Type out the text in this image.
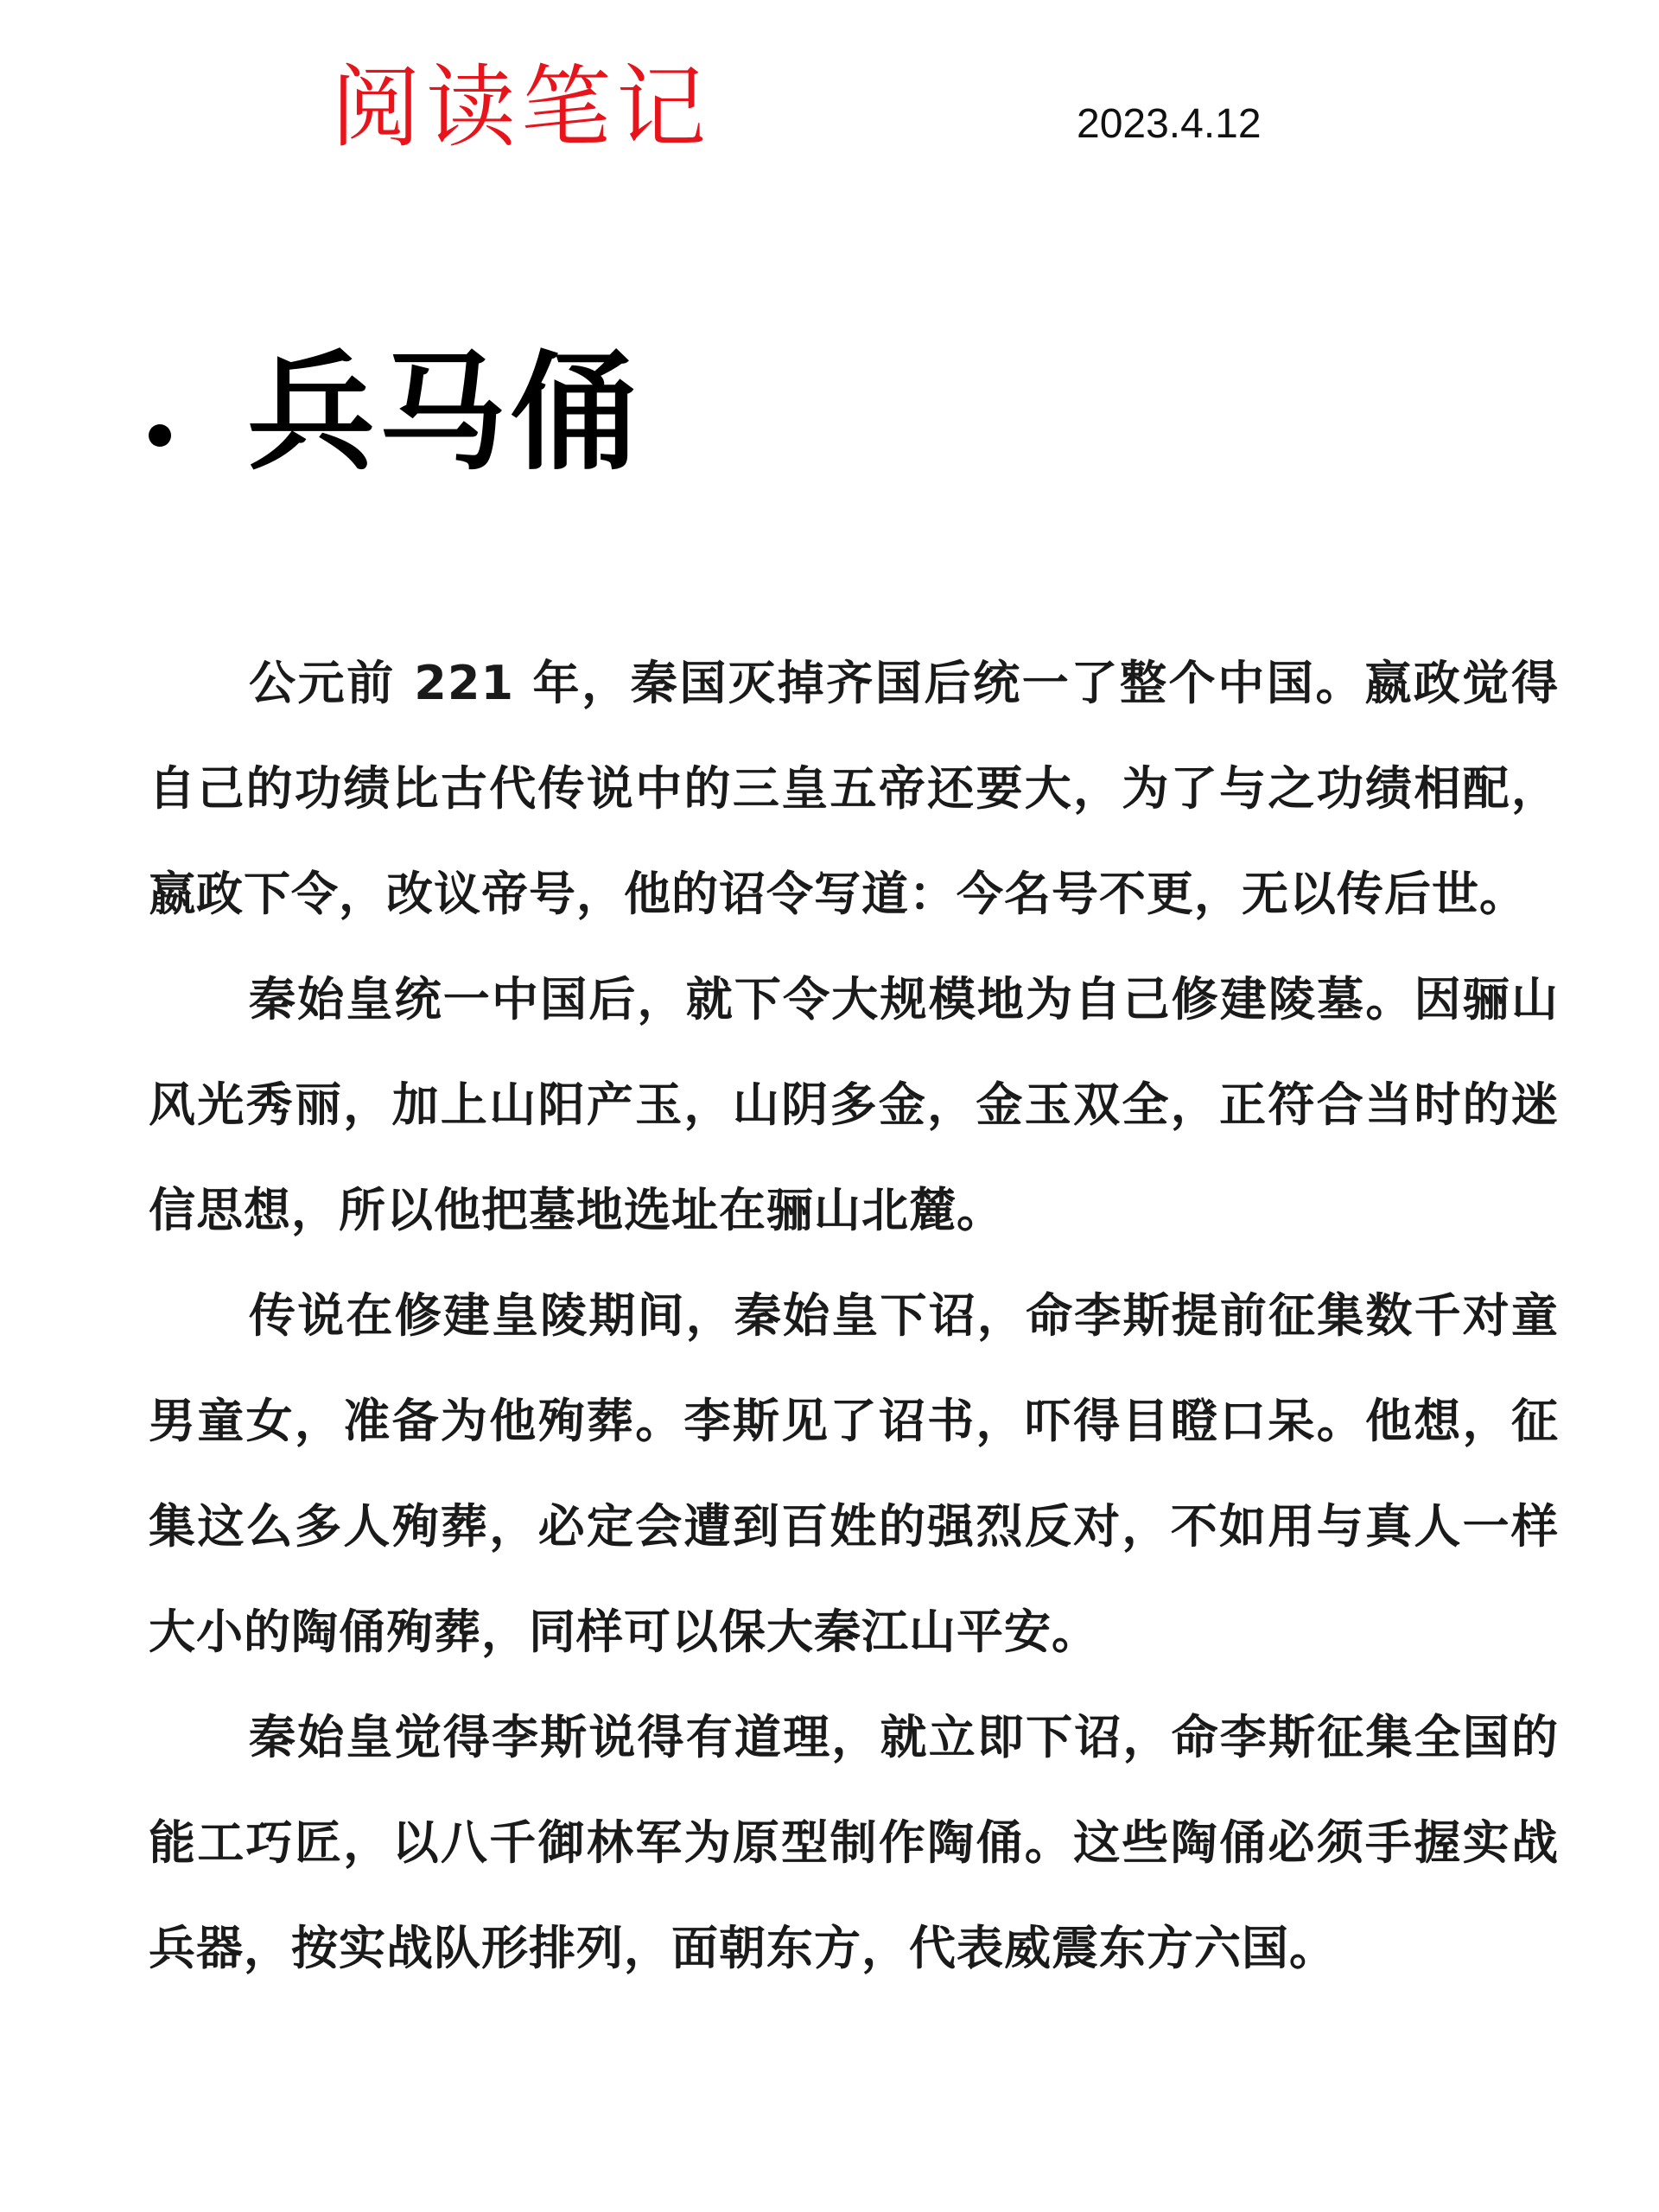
阅读笔记	2023.4.12
兵马俑

公元前 221 年，秦国灭掉齐国后统一了整个中国。嬴政觉得自己的功绩比古代传说中的三皇五帝还要大，为了与之功绩相配，嬴政下令，改议帝号，他的诏令写道：今名号不更，无以传后世。

秦始皇统一中国后，就下令大规模地为自己修建陵墓。因骊山风光秀丽，加上山阳产玉，山阴多金，金玉双全，正符合当时的迷信思想，所以他把墓地选址在骊山北麓。

传说在修建皇陵期间，秦始皇下诏，命李斯提前征集数千对童男童女，准备为他殉葬。李斯见了诏书，吓得目瞪口呆。他想，征集这么多人殉葬，必定会遭到百姓的强烈反对，不如用与真人一样大小的陶俑殉葬，同样可以保大秦江山平安。

秦始皇觉得李斯说得有道理，就立即下诏，命李斯征集全国的能工巧匠，以八千御林军为原型制作陶俑。这些陶俑必须手握实战兵器，按实战队形排列，面朝东方，代表威震东方六国。
